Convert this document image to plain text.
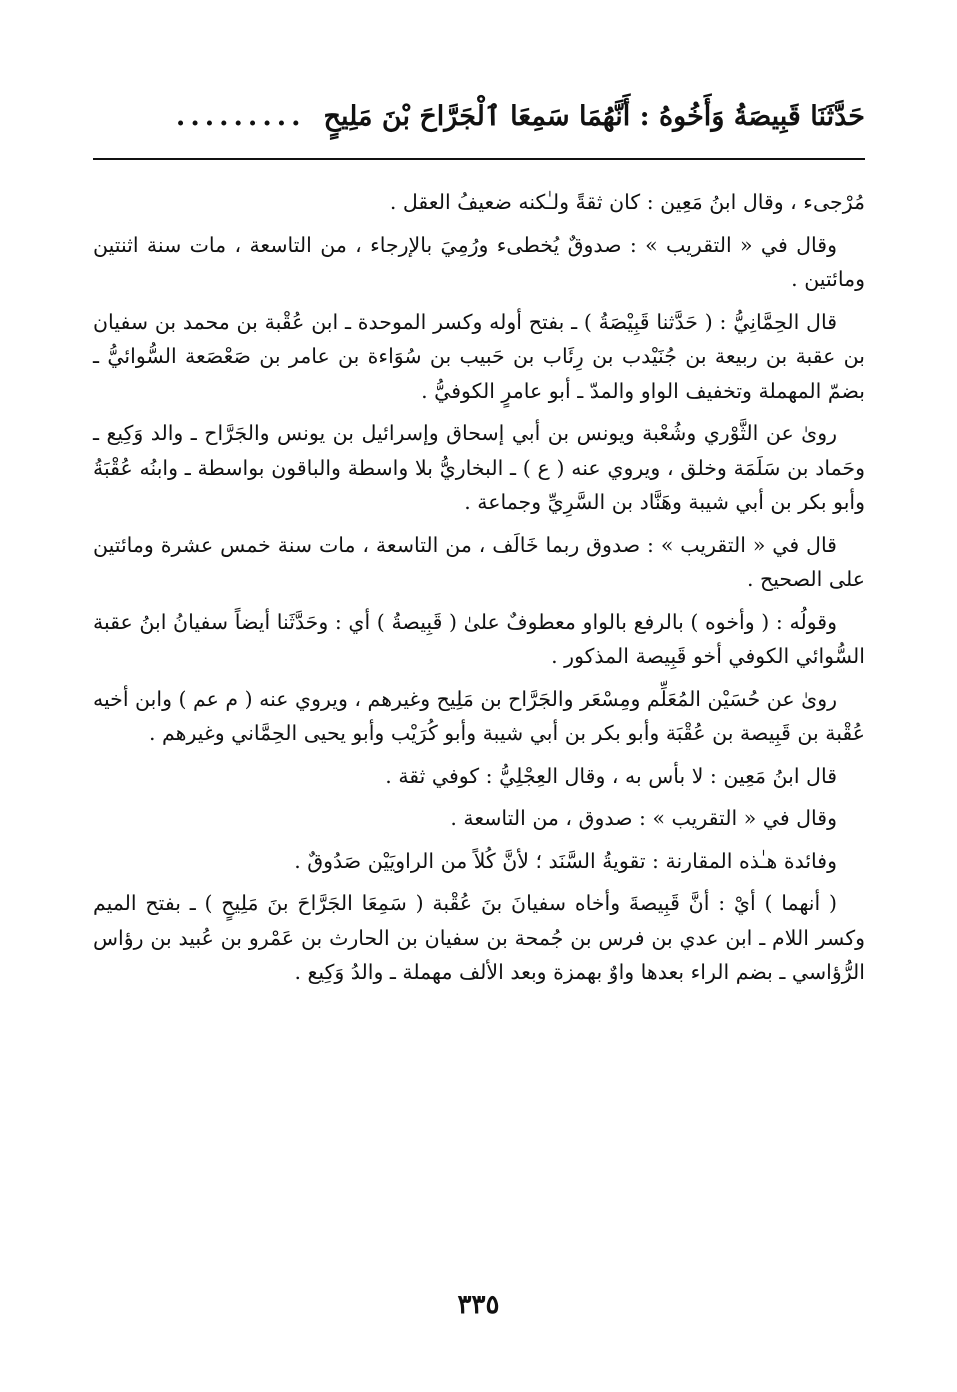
حَدَّثَنَا قَبِيصَةُ وَأَخُوهُ : أَنَّهُمَا سَمِعَا ٱلْجَرَّاحَ بْنَ مَلِيحٍ
.........

مُرْجىء ، وقال ابنُ مَعِين : كان ثقةً ولـٰكنه ضعيفُ العقل .

وقال في « التقريب » : صدوقٌ يُخطىء ورُمِيَ بالإرجاء ، من التاسعة ، مات سنة اثنتين ومائتين .

قال الحِمَّانِيُّ : ( حَدَّثنا قَبِيْصَةُ ) ـ بفتح أوله وكسر الموحدة ـ ابن عُقْبة بن محمد بن سفيان بن عقبة بن ربيعة بن جُنَيْدب بن رِئَاب بن حَبيب بن سُوَاءة بن عامر بن صَعْصَعة السُّوائيُّ ـ بضمّ المهملة وتخفيف الواو والمدّ ـ أبو عامرٍ الكوفيُّ .

روىٰ عن الثَّوْري وشُعْبة ويونس بن أبي إسحاق وإسرائيل بن يونس والجَرَّاح ـ والد وَكِيع ـ وحَماد بن سَلَمَة وخلق ، ويروي عنه ( ع ) ـ البخاريُّ بلا واسطة والباقون بواسطة ـ وابنُه عُقْبَةُ وأبو بكر بن أبي شيبة وهَنَّاد بن السَّرِيِّ وجماعة .

قال في « التقريب » : صدوق ربما خَالَف ، من التاسعة ، مات سنة خمس عشرة ومائتين على الصحيح .

وقولُه : ( وأخوه ) بالرفع بالواو معطوفٌ علىٰ ( قَبِيصةُ ) أي : وحَدَّثَنا أيضاً سفيانُ ابنُ عقبة السُّوائي الكوفي أخو قَبِيصة المذكور .

روىٰ عن حُسَيْن المُعَلِّم ومِسْعَر والجَرَّاح بن مَلِيح وغيرهم ، ويروي عنه ( م عم ) وابن أخيه عُقْبة بن قَبِيصة بن عُقْبَة وأبو بكر بن أبي شيبة وأبو كُرَيْب وأبو يحيى الحِمَّاني وغيرهم .

قال ابنُ مَعِين : لا بأس به ، وقال العِجْلِيُّ : كوفي ثقة .

وقال في « التقريب » : صدوق ، من التاسعة .

وفائدة هـٰذه المقارنة : تقويةُ السَّنَد ؛ لأنَّ كُلاً من الراويَيْن صَدُوقٌ .

( أنهما ) أيْ : أنَّ قَبِيصةَ وأخاه سفيانَ بنَ عُقْبة ( سَمِعَا الجَرَّاحَ بنَ مَلِيحٍ ) ـ بفتح الميم وكسر اللام ـ ابن عدي بن فرس بن جُمحة بن سفيان بن الحارث بن عَمْرو بن عُبيد بن رؤاس الرُّؤاسي ـ بضم الراء بعدها واوٌ بهمزة وبعد الألف مهملة ـ والدُ وَكِيع .

٣٣٥
